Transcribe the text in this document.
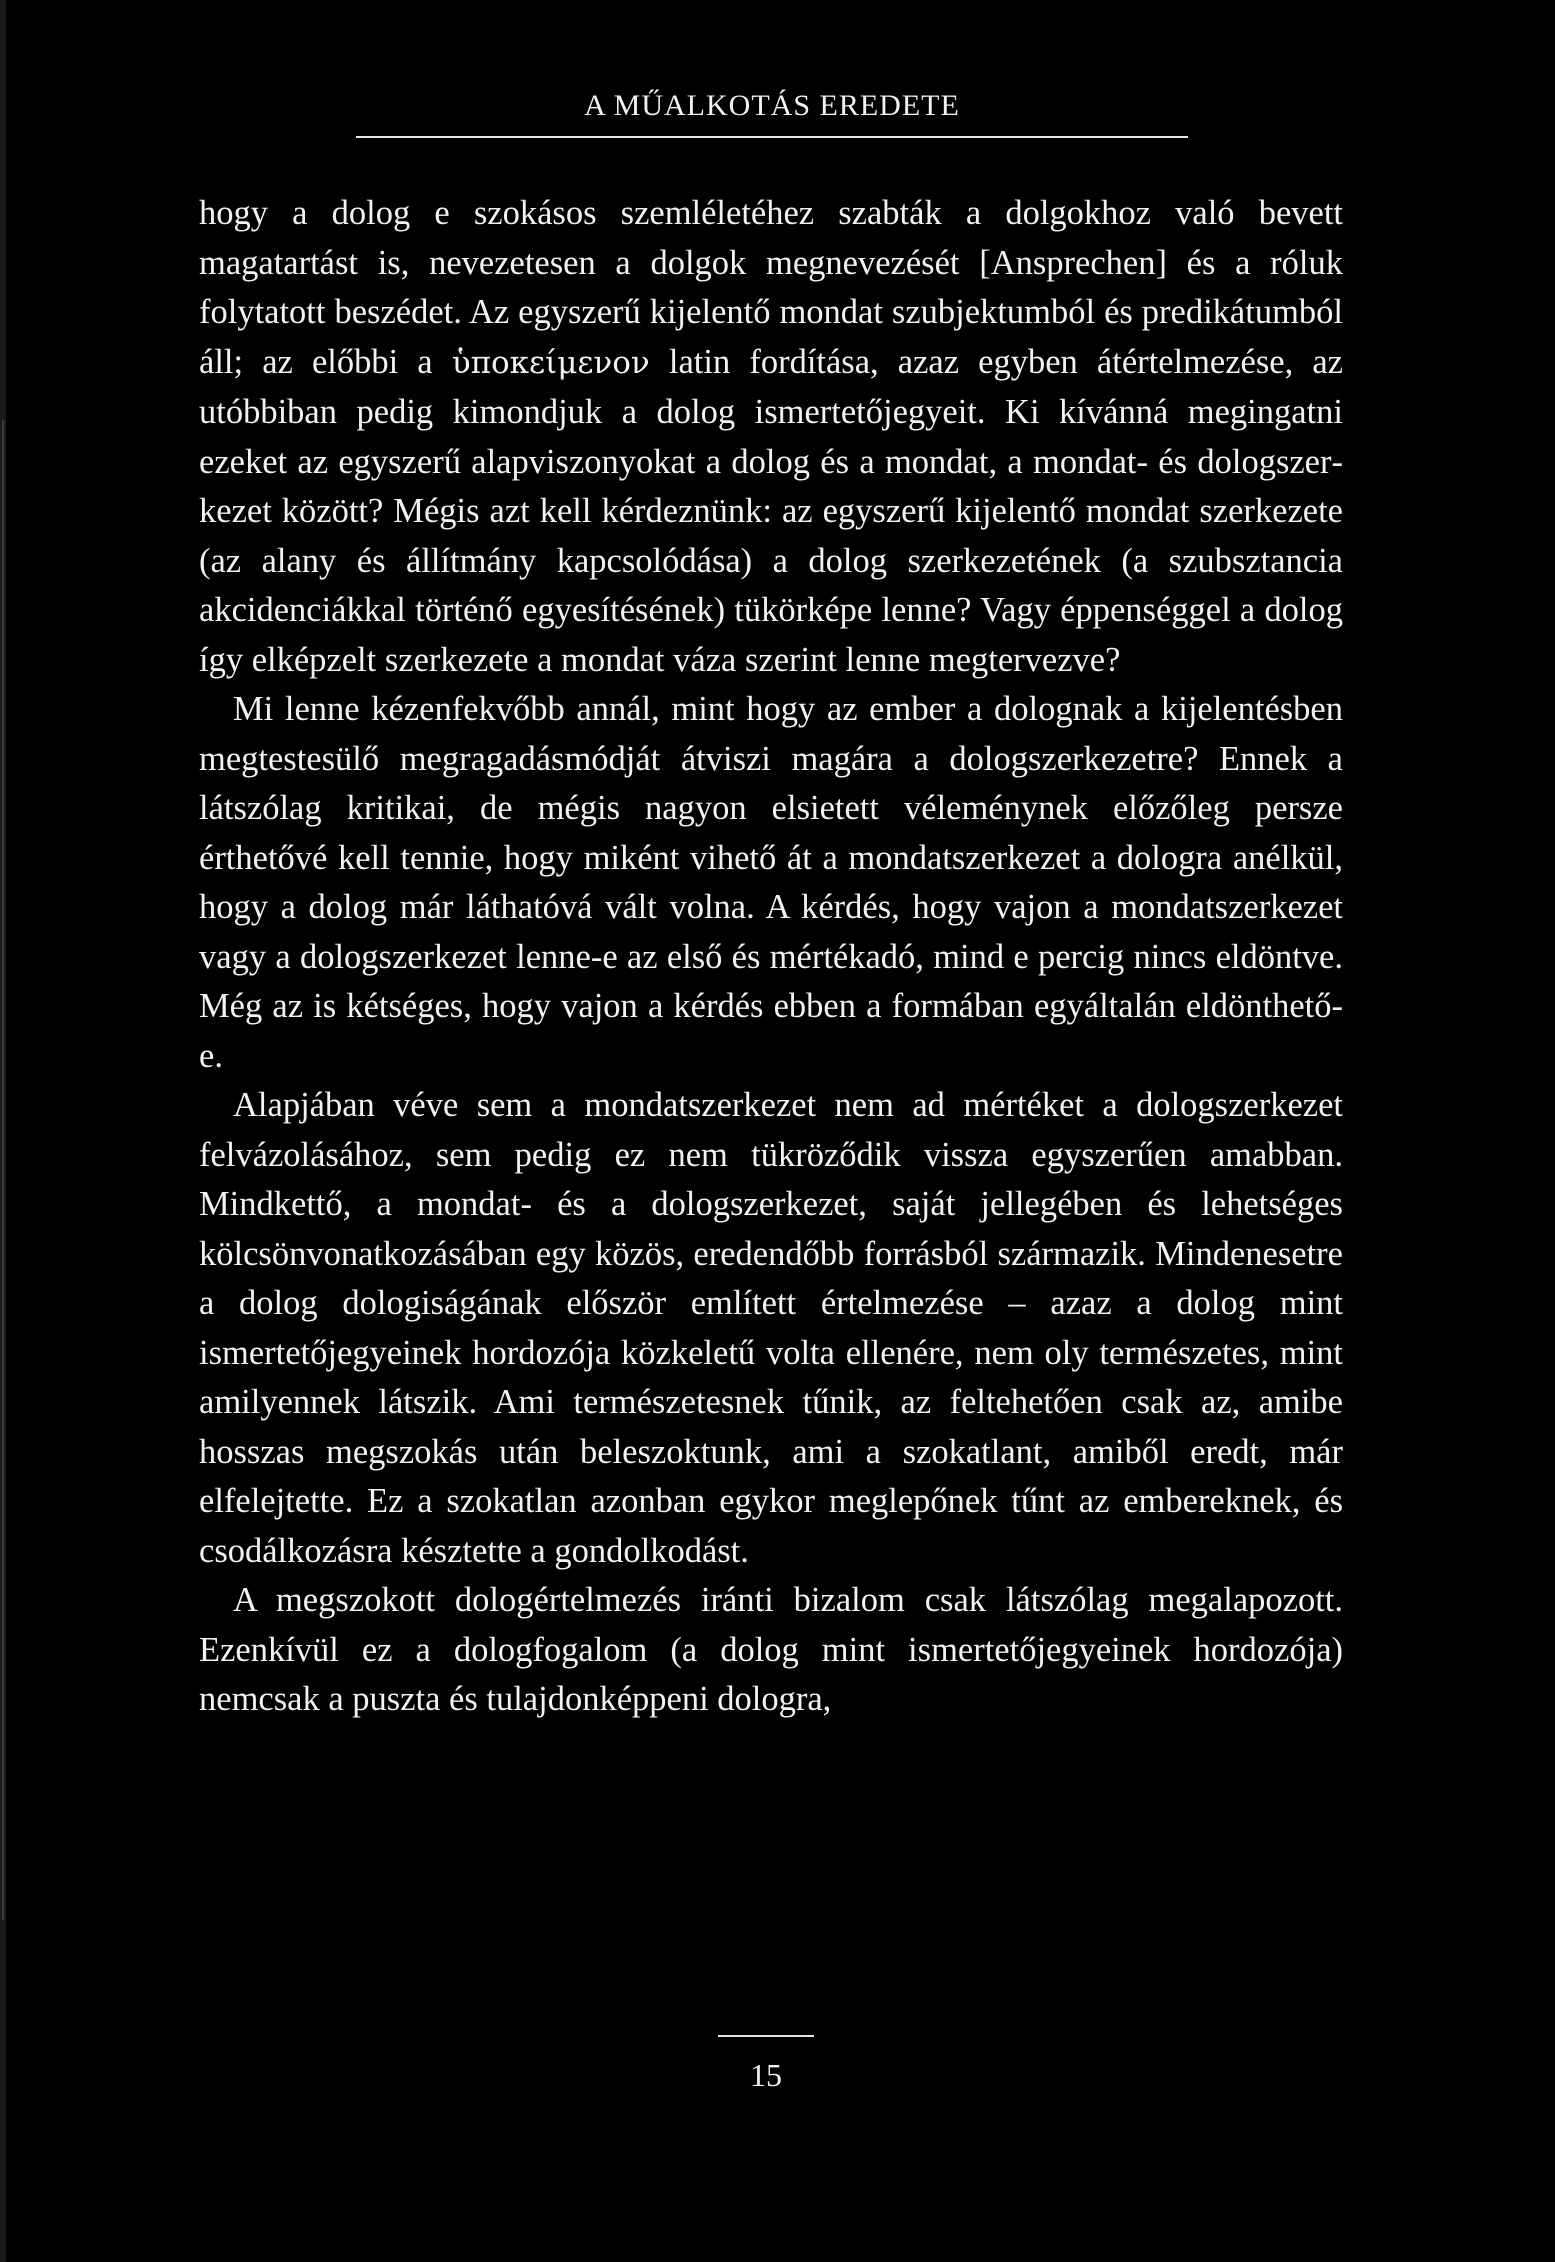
A MŰALKOTÁS EREDETE

hogy a dolog e szokásos szemléletéhez szabták a dolgokhoz való bevett magatartást is, nevezetesen a dolgok megnevezését [Ansprechen] és a róluk folytatott beszédet. Az egyszerű kijelentő mondat szubjektumból és predikátumból áll; az előbbi a ὑποκείμενον latin fordítása, azaz egyben átértelmezése, az utóbbiban pedig kimondjuk a dolog ismertetőjegyeit. Ki kívánná megingatni ezeket az egyszerű alapviszonyokat a dolog és a mondat, a mondat- és dologszerkezet között? Mégis azt kell kérdeznünk: az egyszerű kijelentő mondat szerkezete (az alany és állítmány kapcsolódása) a dolog szerkezetének (a szubsztancia akcidenciákkal történő egyesítésének) tükörképe lenne? Vagy éppenséggel a dolog így elképzelt szerkezete a mondat váza szerint lenne megtervezve?

Mi lenne kézenfekvőbb annál, mint hogy az ember a dolognak a kijelentésben megtestesülő megragadásmódját átviszi magára a dologszerkezetre? Ennek a látszólag kritikai, de mégis nagyon elsietett véleménynek előzőleg persze érthetővé kell tennie, hogy miként vihető át a mondatszerkezet a dologra anélkül, hogy a dolog már láthatóvá vált volna. A kérdés, hogy vajon a mondatszerkezet vagy a dologszerkezet lenne-e az első és mértékadó, mind e percig nincs eldöntve. Még az is kétséges, hogy vajon a kérdés ebben a formában egyáltalán eldönthető-e.

Alapjában véve sem a mondatszerkezet nem ad mértéket a dologszerkezet felvázolásához, sem pedig ez nem tükröződik vissza egyszerűen amabban. Mindkettő, a mondat- és a dologszerkezet, saját jellegében és lehetséges kölcsönvonatkozásában egy közös, eredendőbb forrásból származik. Mindenesetre a dolog dologiságának először említett értelmezése – azaz a dolog mint ismertetőjegyeinek hordozója közkeletű volta ellenére, nem oly természetes, mint amilyennek látszik. Ami természetesnek tűnik, az feltehetően csak az, amibe hosszas megszokás után beleszoktunk, ami a szokatlant, amiből eredt, már elfelejtette. Ez a szokatlan azonban egykor meglepőnek tűnt az embereknek, és csodálkozásra késztette a gondolkodást.

A megszokott dologértelmezés iránti bizalom csak látszólag megalapozott. Ezenkívül ez a dologfogalom (a dolog mint ismertetőjegyeinek hordozója) nemcsak a puszta és tulajdonképpeni dologra,

15
